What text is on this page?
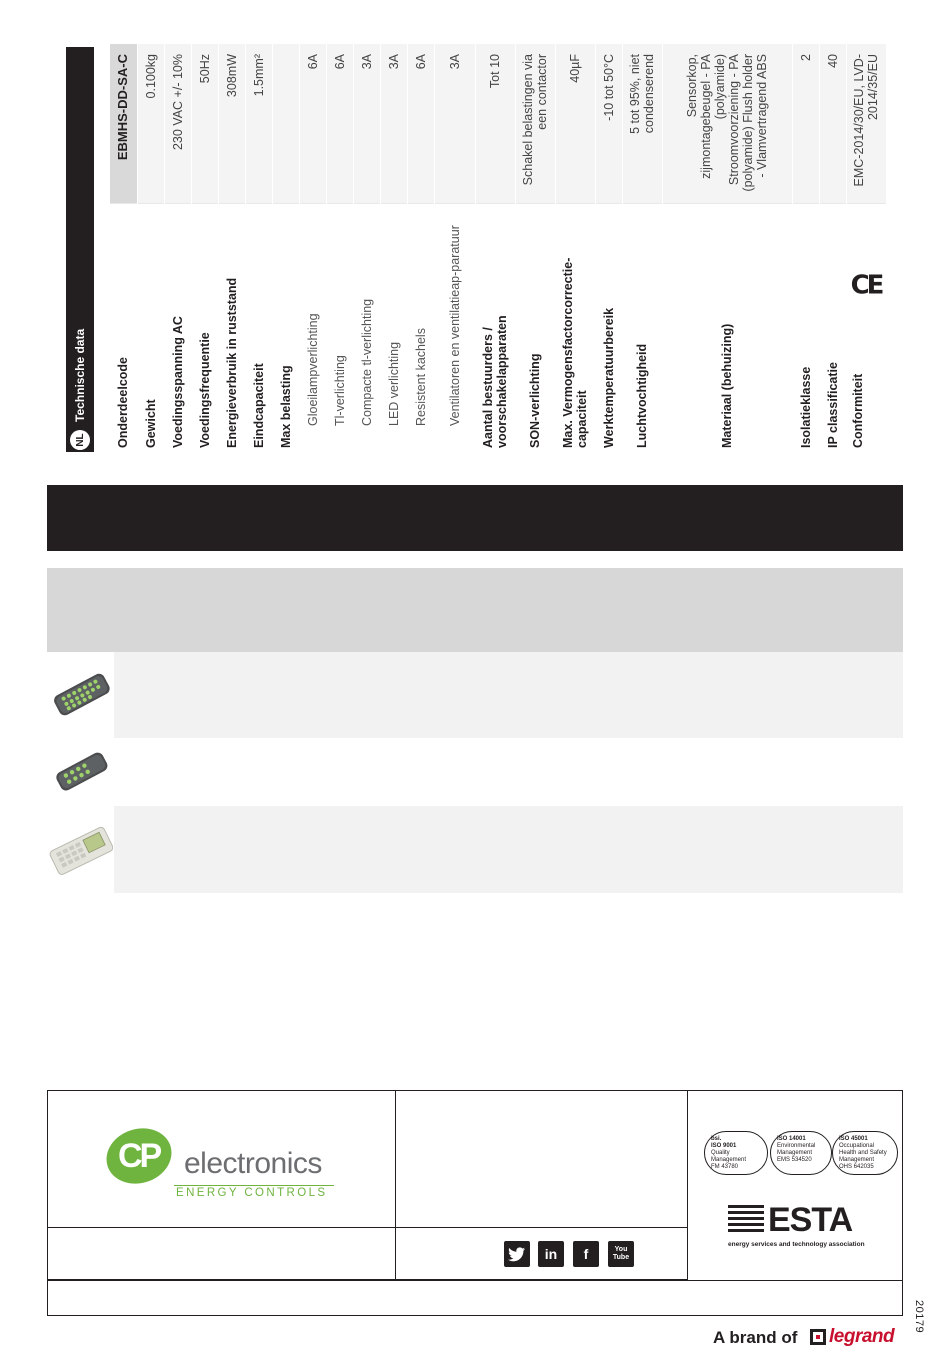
NL
Technische data Onderdeelcode	EBMHS-DD-SA-C
Gewicht	0.100kg
Voedingsspanning AC	230 VAC +/- 10%
Voedingsfrequentie	50Hz
Energieverbruik in ruststand	308mW
Eindcapaciteit	1.5mm²
Max belasting	
Gloeilampverlichting	6A
Tl-verlichting	6A
Compacte tl-verlichting	3A
LED verlichting	3A
Resistent kachels	6A
Ventilatoren en ventilatieap-paratuur	3A
Aantal bestuurders / voorschakelapparaten	Tot 10
SON-verlichting	Schakel belastingen via een contactor
Max. Vermogensfactorcorrectie-capaciteit	40µF
Werktemperatuurbereik	-10 tot 50°C
Luchtvochtigheid	5 tot 95%, niet condenserend
Materiaal (behuizing)	Sensorkop, zijmontagebeugel - PA (polyamide) Stroomvoorziening - PA (polyamide) Flush holder - Vlamvertragend ABS
Isolatieklasse	2
IP classificatie	40
Conformiteit
CE	EMC-2014/30/EU, LVD-2014/35/EU
CP electronics
ENERGY CONTROLS
bsi.
ISO 9001
Quality Management
FM 43780
ISO 14001
Environmental Management
EMS 534520
ISO 45001
Occupational Health and Safety Management
OHS 642035
ESTA
energy services and technology association
in f	You Tube
20179
A brand of legrand
